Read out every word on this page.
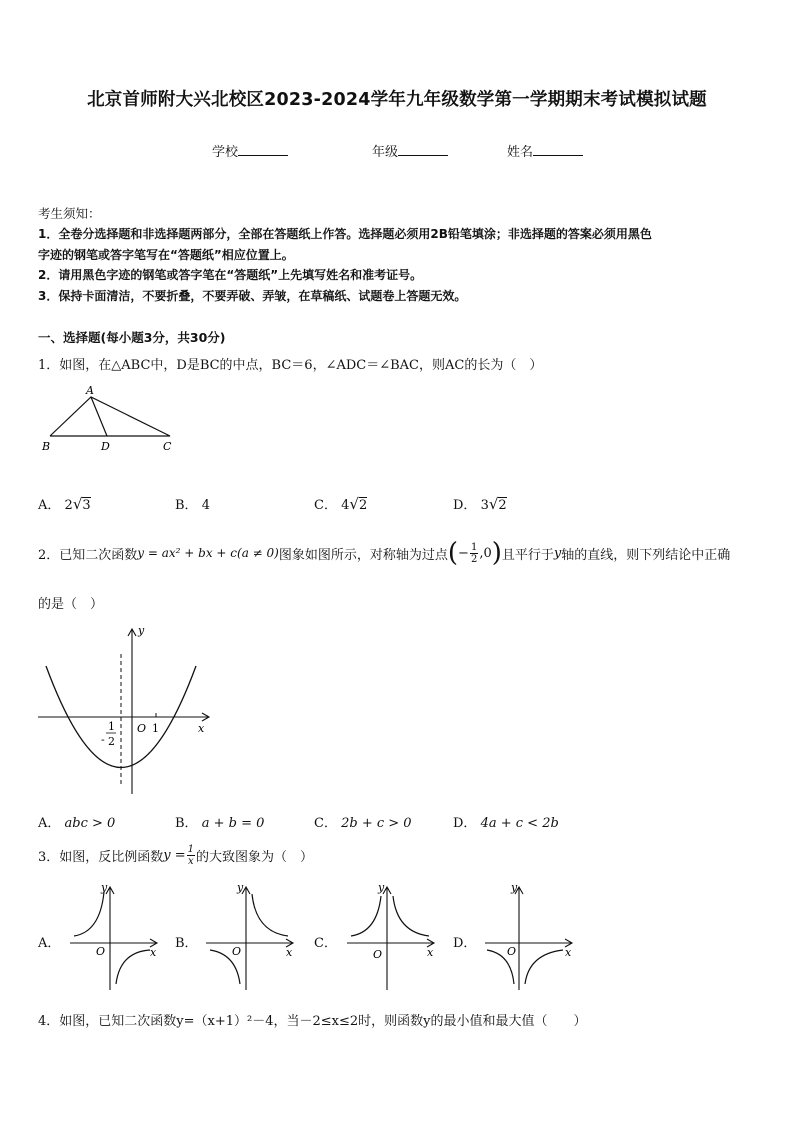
北京首师附大兴北校区2023-2024学年九年级数学第一学期期末考试模拟试题
学校	年级	姓名
考生须知：
1．全卷分选择题和非选择题两部分，全部在答题纸上作答。选择题必须用2B铅笔填涂；非选择题的答案必须用黑色
字迹的钢笔或答字笔写在“答题纸”相应位置上。
2．请用黑色字迹的钢笔或答字笔在“答题纸”上先填写姓名和准考证号。
3．保持卡面清洁，不要折叠，不要弄破、弄皱，在草稿纸、试题卷上答题无效。
一、选择题(每小题3分，共30分)
1．如图，在△ABC中，D是BC的中点，BC＝6，∠ADC＝∠BAC，则AC的长为（　）
A
B	D	C
A． 2√3	B． 4	C． 4√2	D． 3√2
2．已知二次函数 y = ax² + bx + c(a ≠ 0) 图象如图所示，对称轴为过点 ( − $\frac{1}{2} ,0$ ) 且平行于 y 轴的直线，则下列结论中正确
的是（　）
y
x
O 1
-
1
2
A． abc > 0	B． a + b = 0	C． 2b + c > 0	D． 4a + c < 2b
3．如图，反比例函数 $y = \frac{1}{x}$ 的大致图象为（　）
A．
y
x
O
B．
y
x
O
C．
y
x
O
D．
y
x
O
4．如图，已知二次函数y=（x+1）²－4，当－2≤x≤2时，则函数y的最小值和最大值（　　）
